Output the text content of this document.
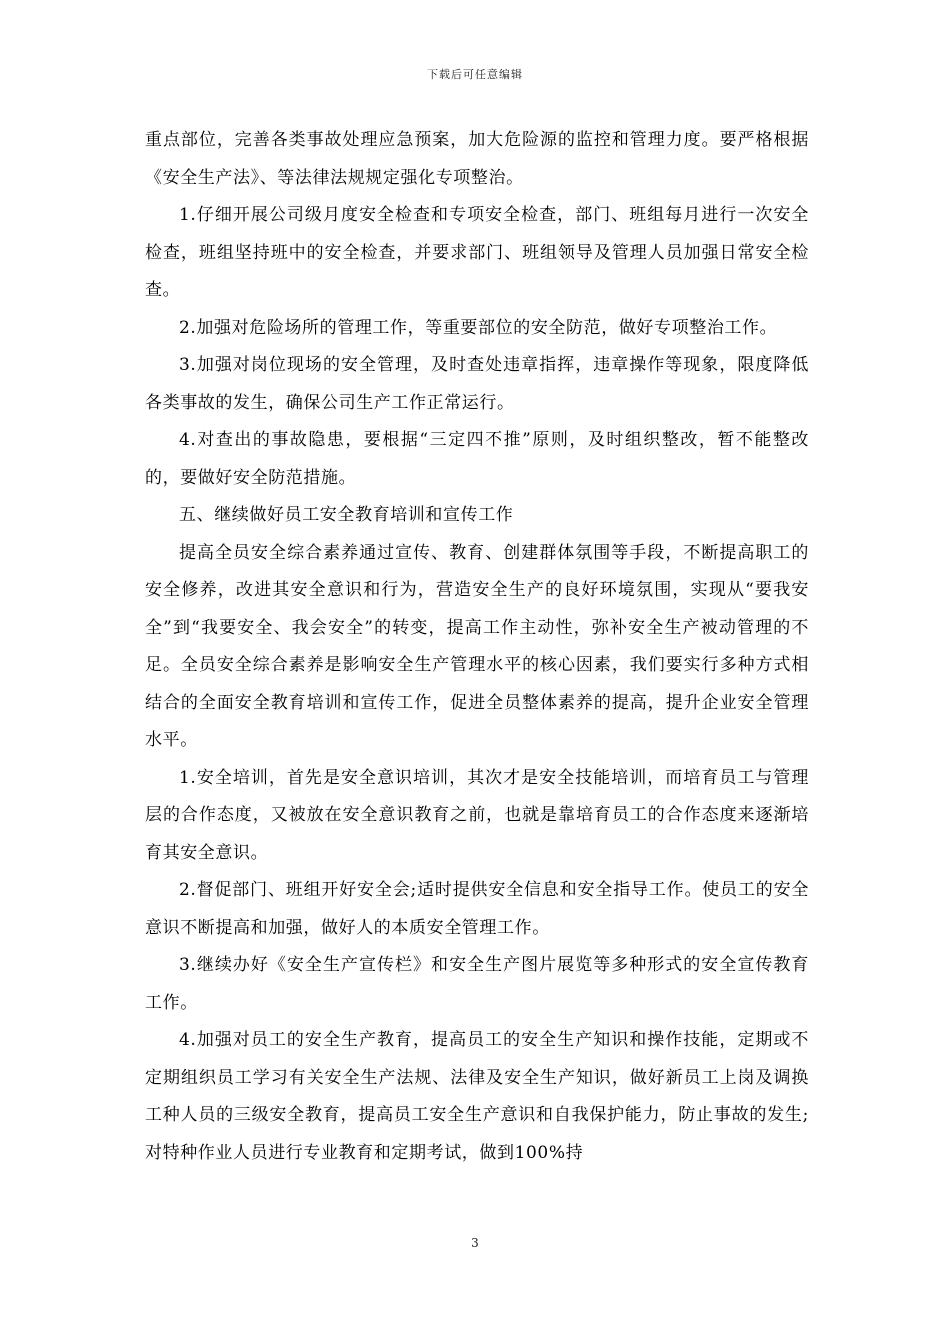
下载后可任意编辑

重点部位，完善各类事故处理应急预案，加大危险源的监控和管理力度。要严格根据《安全生产法》、等法律法规规定强化专项整治。

1.仔细开展公司级月度安全检查和专项安全检查，部门、班组每月进行一次安全检查，班组坚持班中的安全检查，并要求部门、班组领导及管理人员加强日常安全检查。

2.加强对危险场所的管理工作，等重要部位的安全防范，做好专项整治工作。

3.加强对岗位现场的安全管理，及时查处违章指挥，违章操作等现象，限度降低各类事故的发生，确保公司生产工作正常运行。

4.对查出的事故隐患，要根据“三定四不推”原则，及时组织整改，暂不能整改的，要做好安全防范措施。

五、继续做好员工安全教育培训和宣传工作

提高全员安全综合素养通过宣传、教育、创建群体氛围等手段，不断提高职工的安全修养，改进其安全意识和行为，营造安全生产的良好环境氛围，实现从“要我安全”到“我要安全、我会安全”的转变，提高工作主动性，弥补安全生产被动管理的不足。全员安全综合素养是影响安全生产管理水平的核心因素，我们要实行多种方式相结合的全面安全教育培训和宣传工作，促进全员整体素养的提高，提升企业安全管理水平。

1.安全培训，首先是安全意识培训，其次才是安全技能培训，而培育员工与管理层的合作态度，又被放在安全意识教育之前，也就是靠培育员工的合作态度来逐渐培育其安全意识。

2.督促部门、班组开好安全会;适时提供安全信息和安全指导工作。使员工的安全意识不断提高和加强，做好人的本质安全管理工作。

3.继续办好《安全生产宣传栏》和安全生产图片展览等多种形式的安全宣传教育工作。

4.加强对员工的安全生产教育，提高员工的安全生产知识和操作技能，定期或不定期组织员工学习有关安全生产法规、法律及安全生产知识，做好新员工上岗及调换工种人员的三级安全教育，提高员工安全生产意识和自我保护能力，防止事故的发生;对特种作业人员进行专业教育和定期考试，做到100%持

3
